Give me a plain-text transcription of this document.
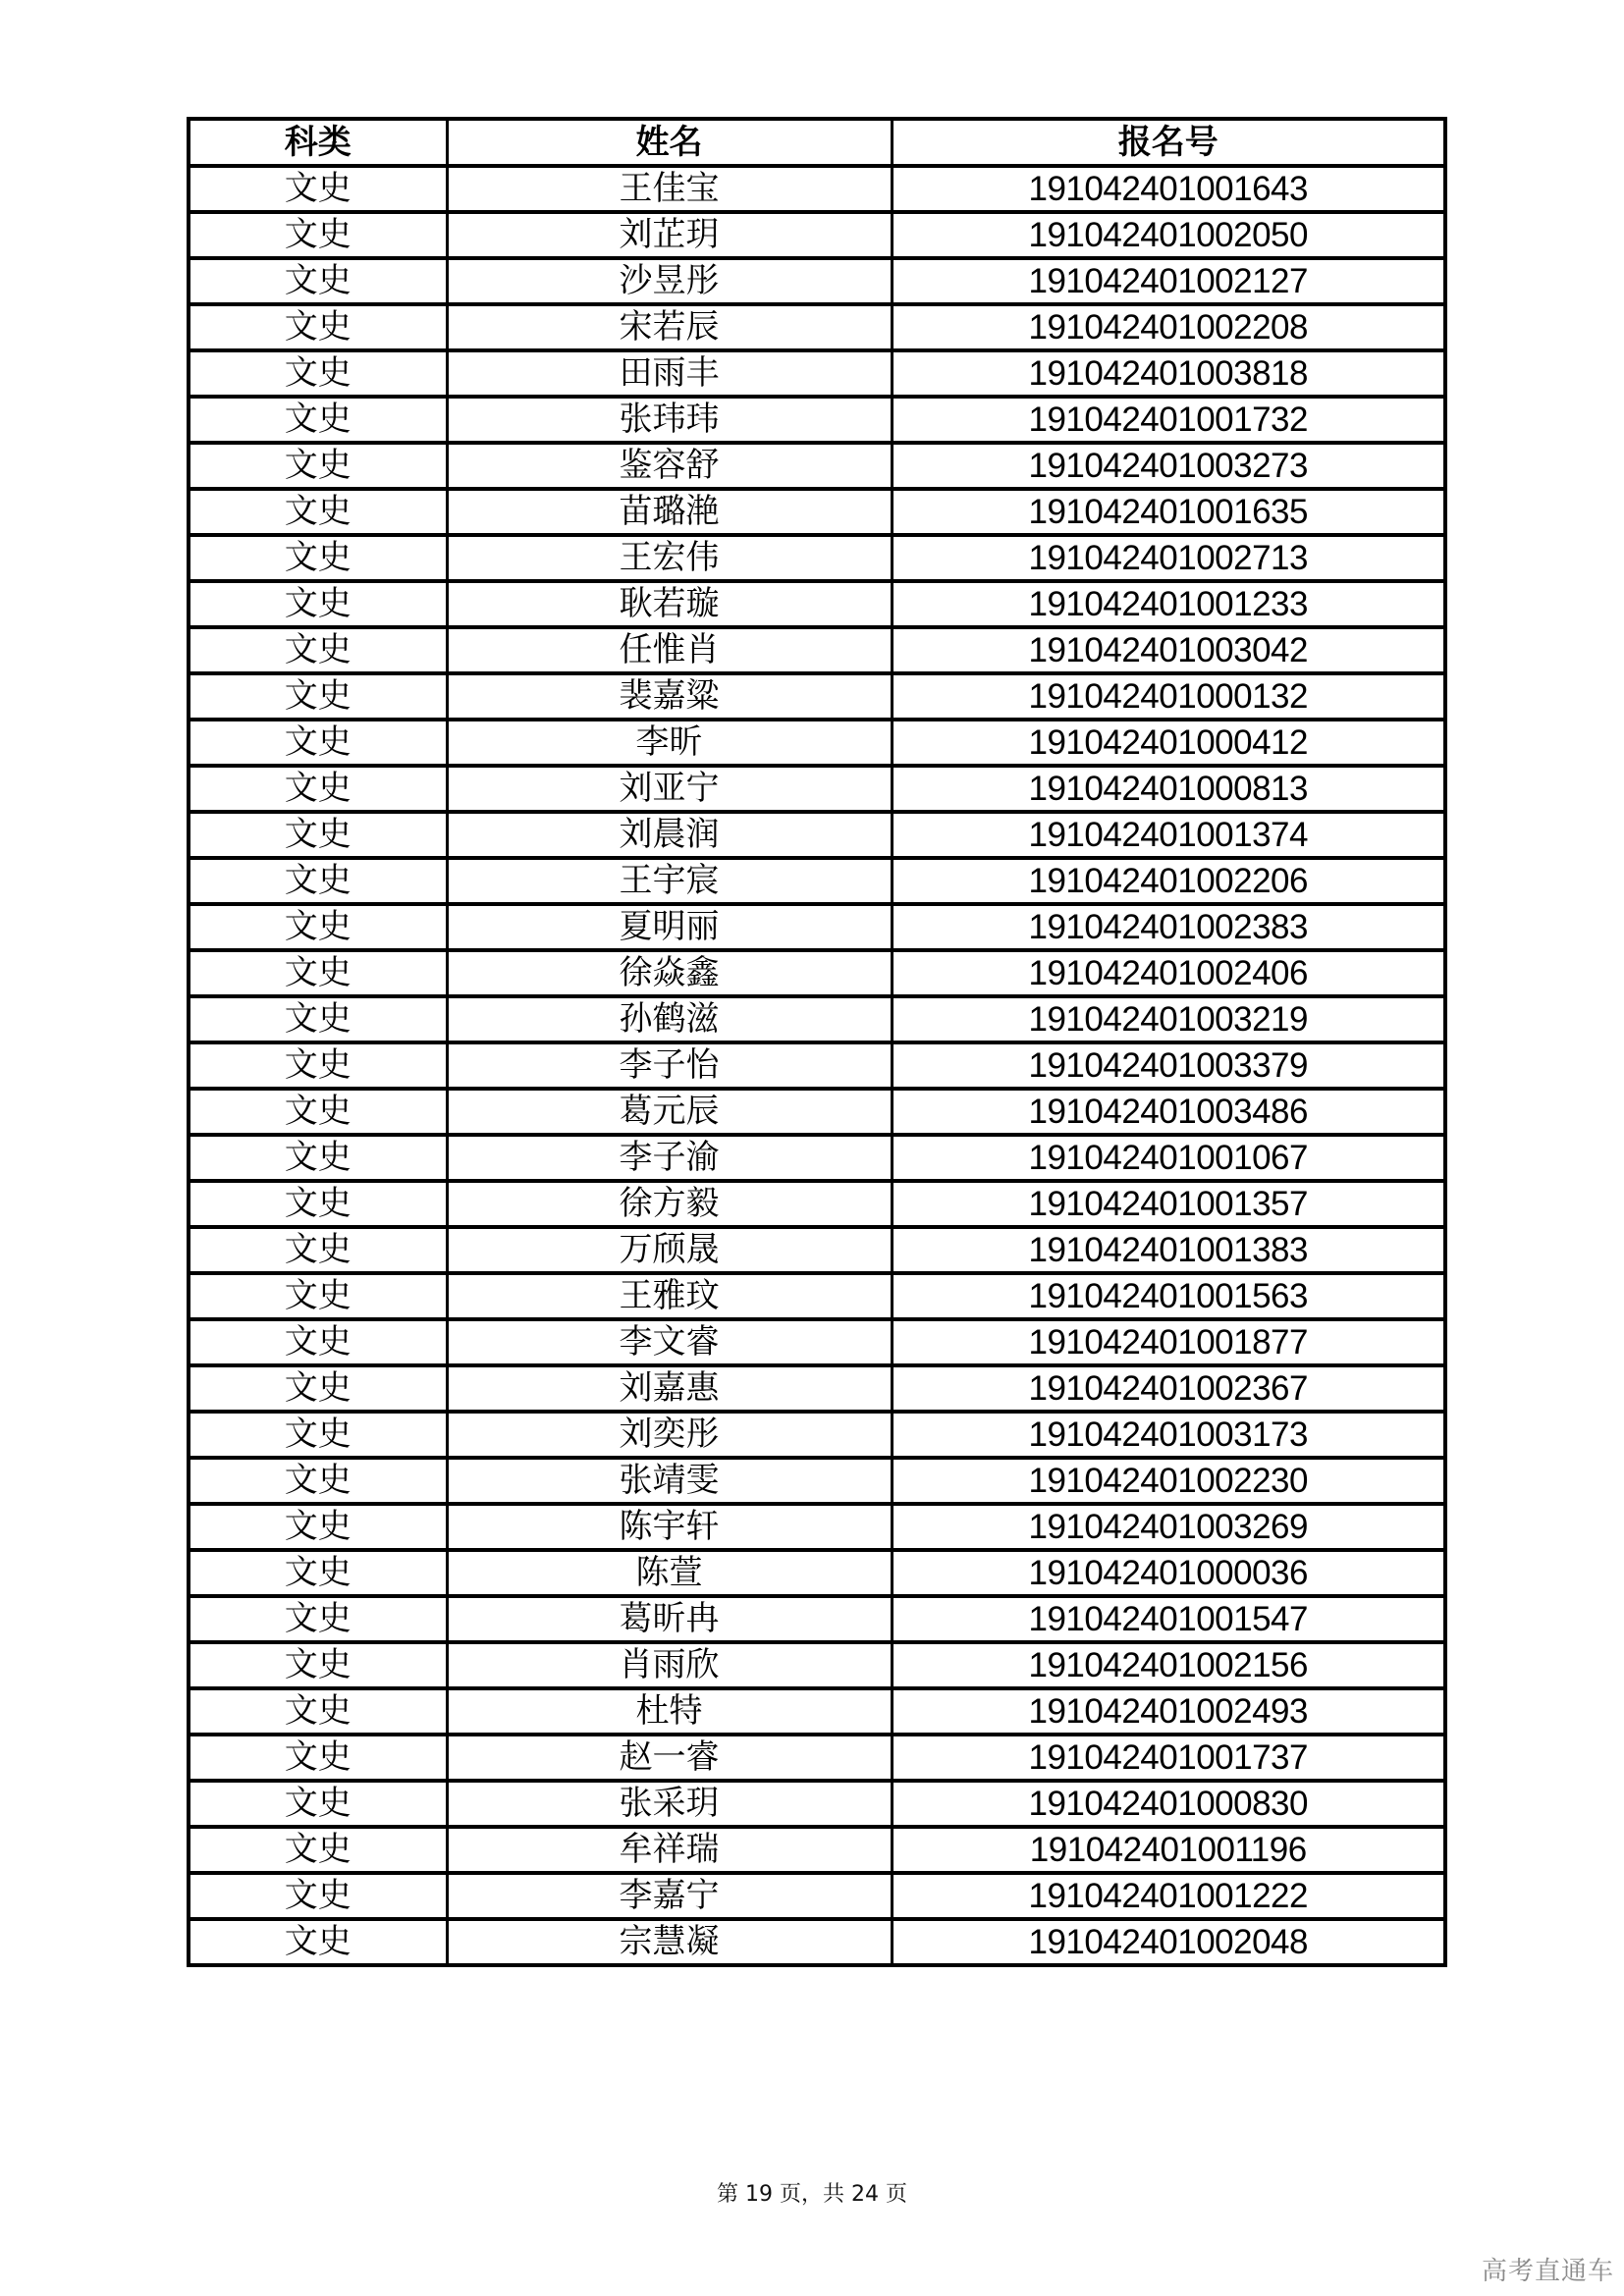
科类	姓名	报名号
文史	王佳宝	191042401001643
文史	刘芷玥	191042401002050
文史	沙昱彤	191042401002127
文史	宋若辰	191042401002208
文史	田雨丰	191042401003818
文史	张玮玮	191042401001732
文史	鉴容舒	191042401003273
文史	苗璐滟	191042401001635
文史	王宏伟	191042401002713
文史	耿若璇	191042401001233
文史	任惟肖	191042401003042
文史	裴嘉粱	191042401000132
文史	李昕	191042401000412
文史	刘亚宁	191042401000813
文史	刘晨润	191042401001374
文史	王宇宸	191042401002206
文史	夏明丽	191042401002383
文史	徐焱鑫	191042401002406
文史	孙鹤滋	191042401003219
文史	李子怡	191042401003379
文史	葛元辰	191042401003486
文史	李子渝	191042401001067
文史	徐方毅	191042401001357
文史	万颀晟	191042401001383
文史	王雅玟	191042401001563
文史	李文睿	191042401001877
文史	刘嘉惠	191042401002367
文史	刘奕彤	191042401003173
文史	张靖雯	191042401002230
文史	陈宇轩	191042401003269
文史	陈萱	191042401000036
文史	葛昕冉	191042401001547
文史	肖雨欣	191042401002156
文史	杜特	191042401002493
文史	赵一睿	191042401001737
文史	张采玥	191042401000830
文史	牟祥瑞	191042401001196
文史	李嘉宁	191042401001222
文史	宗慧凝	191042401002048
第 19 页，共 24 页
高考直通车
